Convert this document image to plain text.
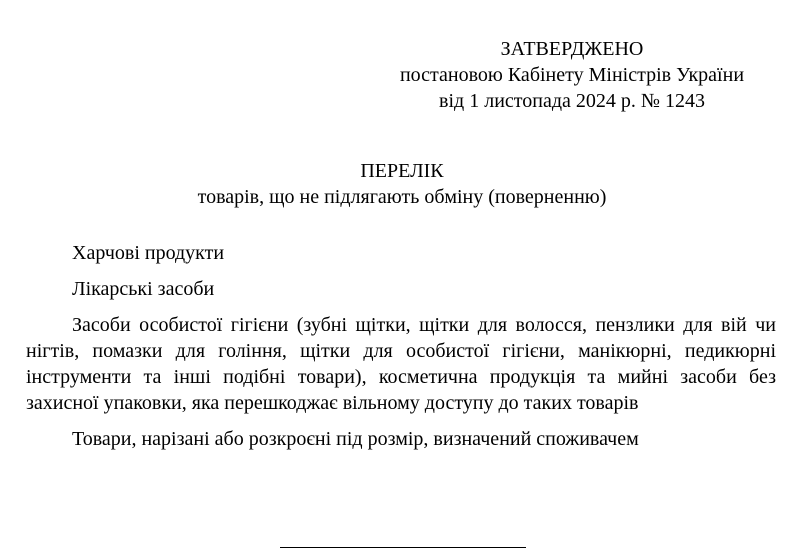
ЗАТВЕРДЖЕНО
постановою Кабінету Міністрів України
від 1 листопада 2024 р. № 1243
ПЕРЕЛІК
товарів, що не підлягають обміну (поверненню)

Харчові продукти

Лікарські засоби

Засоби особистої гігієни (зубні щітки, щітки для волосся, пензлики для вій чи нігтів, помазки для гоління, щітки для особистої гігієни, манікюрні, педикюрні інструменти та інші подібні товари), косметична продукція та мийні засоби без захисної упаковки, яка перешкоджає вільному доступу до таких товарів

Товари, нарізані або розкроєні під розмір, визначений споживачем
